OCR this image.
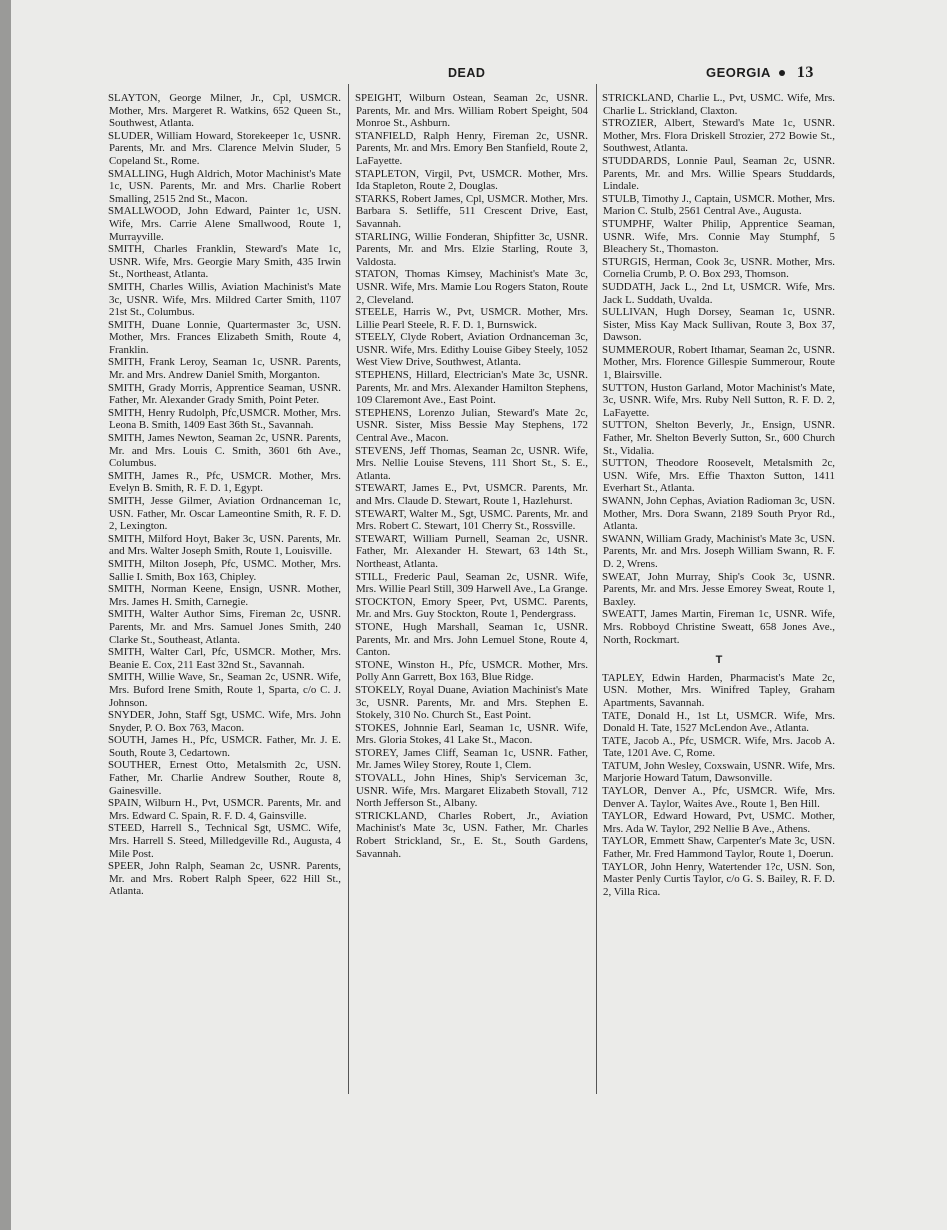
DEAD	GEORGIA 13

SLAYTON, George Milner, Jr., Cpl, USMCR. Mother, Mrs. Margeret R. Watkins, 652 Queen St., Southwest, Atlanta.

SLUDER, William Howard, Storekeeper 1c, USNR. Parents, Mr. and Mrs. Clarence Melvin Sluder, 5 Copeland St., Rome.

SMALLING, Hugh Aldrich, Motor Machinist's Mate 1c, USN. Parents, Mr. and Mrs. Charlie Robert Smalling, 2515 2nd St., Macon.

SMALLWOOD, John Edward, Painter 1c, USN. Wife, Mrs. Carrie Alene Smallwood, Route 1, Murrayville.

SMITH, Charles Franklin, Steward's Mate 1c, USNR. Wife, Mrs. Georgie Mary Smith, 435 Irwin St., Northeast, Atlanta.

SMITH, Charles Willis, Aviation Machinist's Mate 3c, USNR. Wife, Mrs. Mildred Carter Smith, 1107 21st St., Columbus.

SMITH, Duane Lonnie, Quartermaster 3c, USN. Mother, Mrs. Frances Elizabeth Smith, Route 4, Franklin.

SMITH, Frank Leroy, Seaman 1c, USNR. Parents, Mr. and Mrs. Andrew Daniel Smith, Morganton.

SMITH, Grady Morris, Apprentice Seaman, USNR. Father, Mr. Alexander Grady Smith, Point Peter.

SMITH, Henry Rudolph, Pfc,USMCR. Mother, Mrs. Leona B. Smith, 1409 East 36th St., Savannah.

SMITH, James Newton, Seaman 2c, USNR. Parents, Mr. and Mrs. Louis C. Smith, 3601 6th Ave., Columbus.

SMITH, James R., Pfc, USMCR. Mother, Mrs. Evelyn B. Smith, R. F. D. 1, Egypt.

SMITH, Jesse Gilmer, Aviation Ordnanceman 1c, USN. Father, Mr. Oscar Lameontine Smith, R. F. D. 2, Lexington.

SMITH, Milford Hoyt, Baker 3c, USN. Parents, Mr. and Mrs. Walter Joseph Smith, Route 1, Louisville.

SMITH, Milton Joseph, Pfc, USMC. Mother, Mrs. Sallie I. Smith, Box 163, Chipley.

SMITH, Norman Keene, Ensign, USNR. Mother, Mrs. James H. Smith, Carnegie.

SMITH, Walter Author Sims, Fireman 2c, USNR. Parents, Mr. and Mrs. Samuel Jones Smith, 240 Clarke St., Southeast, Atlanta.

SMITH, Walter Carl, Pfc, USMCR. Mother, Mrs. Beanie E. Cox, 211 East 32nd St., Savannah.

SMITH, Willie Wave, Sr., Seaman 2c, USNR. Wife, Mrs. Buford Irene Smith, Route 1, Sparta, c/o C. J. Johnson.

SNYDER, John, Staff Sgt, USMC. Wife, Mrs. John Snyder, P. O. Box 763, Macon.

SOUTH, James H., Pfc, USMCR. Father, Mr. J. E. South, Route 3, Cedartown.

SOUTHER, Ernest Otto, Metalsmith 2c, USN. Father, Mr. Charlie Andrew Souther, Route 8, Gainesville.

SPAIN, Wilburn H., Pvt, USMCR. Parents, Mr. and Mrs. Edward C. Spain, R. F. D. 4, Gainsville.

STEED, Harrell S., Technical Sgt, USMC. Wife, Mrs. Harrell S. Steed, Milledgeville Rd., Augusta, 4 Mile Post.

SPEER, John Ralph, Seaman 2c, USNR. Parents, Mr. and Mrs. Robert Ralph Speer, 622 Hill St., Atlanta.

SPEIGHT, Wilburn Ostean, Seaman 2c, USNR. Parents, Mr. and Mrs. William Robert Speight, 504 Monroe St., Ashburn.

STANFIELD, Ralph Henry, Fireman 2c, USNR. Parents, Mr. and Mrs. Emory Ben Stanfield, Route 2, LaFayette.

STAPLETON, Virgil, Pvt, USMCR. Mother, Mrs. Ida Stapleton, Route 2, Douglas.

STARKS, Robert James, Cpl, USMCR. Mother, Mrs. Barbara S. Setliffe, 511 Crescent Drive, East, Savannah.

STARLING, Willie Fonderan, Shipfitter 3c, USNR. Parents, Mr. and Mrs. Elzie Starling, Route 3, Valdosta.

STATON, Thomas Kimsey, Machinist's Mate 3c, USNR. Wife, Mrs. Mamie Lou Rogers Staton, Route 2, Cleveland.

STEELE, Harris W., Pvt, USMCR. Mother, Mrs. Lillie Pearl Steele, R. F. D. 1, Burnswick.

STEELY, Clyde Robert, Aviation Ordnanceman 3c, USNR. Wife, Mrs. Edithy Louise Gibey Steely, 1052 West View Drive, Southwest, Atlanta.

STEPHENS, Hillard, Electrician's Mate 3c, USNR. Parents, Mr. and Mrs. Alexander Hamilton Stephens, 109 Claremont Ave., East Point.

STEPHENS, Lorenzo Julian, Steward's Mate 2c, USNR. Sister, Miss Bessie May Stephens, 172 Central Ave., Macon.

STEVENS, Jeff Thomas, Seaman 2c, USNR. Wife, Mrs. Nellie Louise Stevens, 111 Short St., S. E., Atlanta.

STEWART, James E., Pvt, USMCR. Parents, Mr. and Mrs. Claude D. Stewart, Route 1, Hazlehurst.

STEWART, Walter M., Sgt, USMC. Parents, Mr. and Mrs. Robert C. Stewart, 101 Cherry St., Rossville.

STEWART, William Purnell, Seaman 2c, USNR. Father, Mr. Alexander H. Stewart, 63 14th St., Northeast, Atlanta.

STILL, Frederic Paul, Seaman 2c, USNR. Wife, Mrs. Willie Pearl Still, 309 Harwell Ave., La Grange.

STOCKTON, Emory Speer, Pvt, USMC. Parents, Mr. and Mrs. Guy Stockton, Route 1, Pendergrass.

STONE, Hugh Marshall, Seaman 1c, USNR. Parents, Mr. and Mrs. John Lemuel Stone, Route 4, Canton.

STONE, Winston H., Pfc, USMCR. Mother, Mrs. Polly Ann Garrett, Box 163, Blue Ridge.

STOKELY, Royal Duane, Aviation Machinist's Mate 3c, USNR. Parents, Mr. and Mrs. Stephen E. Stokely, 310 No. Church St., East Point.

STOKES, Johnnie Earl, Seaman 1c, USNR. Wife, Mrs. Gloria Stokes, 41 Lake St., Macon.

STOREY, James Cliff, Seaman 1c, USNR. Father, Mr. James Wiley Storey, Route 1, Clem.

STOVALL, John Hines, Ship's Serviceman 3c, USNR. Wife, Mrs. Margaret Elizabeth Stovall, 712 North Jefferson St., Albany.

STRICKLAND, Charles Robert, Jr., Aviation Machinist's Mate 3c, USN. Father, Mr. Charles Robert Strickland, Sr., E. St., South Gardens, Savannah.

STRICKLAND, Charlie L., Pvt, USMC. Wife, Mrs. Charlie L. Strickland, Claxton.

STROZIER, Albert, Steward's Mate 1c, USNR. Mother, Mrs. Flora Driskell Strozier, 272 Bowie St., Southwest, Atlanta.

STUDDARDS, Lonnie Paul, Seaman 2c, USNR. Parents, Mr. and Mrs. Willie Spears Studdards, Lindale.

STULB, Timothy J., Captain, USMCR. Mother, Mrs. Marion C. Stulb, 2561 Central Ave., Augusta.

STUMPHF, Walter Philip, Apprentice Seaman, USNR. Wife, Mrs. Connie May Stumphf, 5 Bleachery St., Thomaston.

STURGIS, Herman, Cook 3c, USNR. Mother, Mrs. Cornelia Crumb, P. O. Box 293, Thomson.

SUDDATH, Jack L., 2nd Lt, USMCR. Wife, Mrs. Jack L. Suddath, Uvalda.

SULLIVAN, Hugh Dorsey, Seaman 1c, USNR. Sister, Miss Kay Mack Sullivan, Route 3, Box 37, Dawson.

SUMMEROUR, Robert Ithamar, Seaman 2c, USNR. Mother, Mrs. Florence Gillespie Summerour, Route 1, Blairsville.

SUTTON, Huston Garland, Motor Machinist's Mate, 3c, USNR. Wife, Mrs. Ruby Nell Sutton, R. F. D. 2, LaFayette.

SUTTON, Shelton Beverly, Jr., Ensign, USNR. Father, Mr. Shelton Beverly Sutton, Sr., 600 Church St., Vidalia.

SUTTON, Theodore Roosevelt, Metalsmith 2c, USN. Wife, Mrs. Effie Thaxton Sutton, 1411 Everhart St., Atlanta.

SWANN, John Cephas, Aviation Radioman 3c, USN. Mother, Mrs. Dora Swann, 2189 South Pryor Rd., Atlanta.

SWANN, William Grady, Machinist's Mate 3c, USN. Parents, Mr. and Mrs. Joseph William Swann, R. F. D. 2, Wrens.

SWEAT, John Murray, Ship's Cook 3c, USNR. Parents, Mr. and Mrs. Jesse Emorey Sweat, Route 1, Baxley.

SWEATT, James Martin, Fireman 1c, USNR. Wife, Mrs. Robboyd Christine Sweatt, 658 Jones Ave., North, Rockmart.

T

TAPLEY, Edwin Harden, Pharmacist's Mate 2c, USN. Mother, Mrs. Winifred Tapley, Graham Apartments, Savannah.

TATE, Donald H., 1st Lt, USMCR. Wife, Mrs. Donald H. Tate, 1527 McLendon Ave., Atlanta.

TATE, Jacob A., Pfc, USMCR. Wife, Mrs. Jacob A. Tate, 1201 Ave. C, Rome.

TATUM, John Wesley, Coxswain, USNR. Wife, Mrs. Marjorie Howard Tatum, Dawsonville.

TAYLOR, Denver A., Pfc, USMCR. Wife, Mrs. Denver A. Taylor, Waites Ave., Route 1, Ben Hill.

TAYLOR, Edward Howard, Pvt, USMC. Mother, Mrs. Ada W. Taylor, 292 Nellie B Ave., Athens.

TAYLOR, Emmett Shaw, Carpenter's Mate 3c, USN. Father, Mr. Fred Hammond Taylor, Route 1, Doerun.

TAYLOR, John Henry, Watertender 1?c, USN. Son, Master Penly Curtis Taylor, c/o G. S. Bailey, R. F. D. 2, Villa Rica.
